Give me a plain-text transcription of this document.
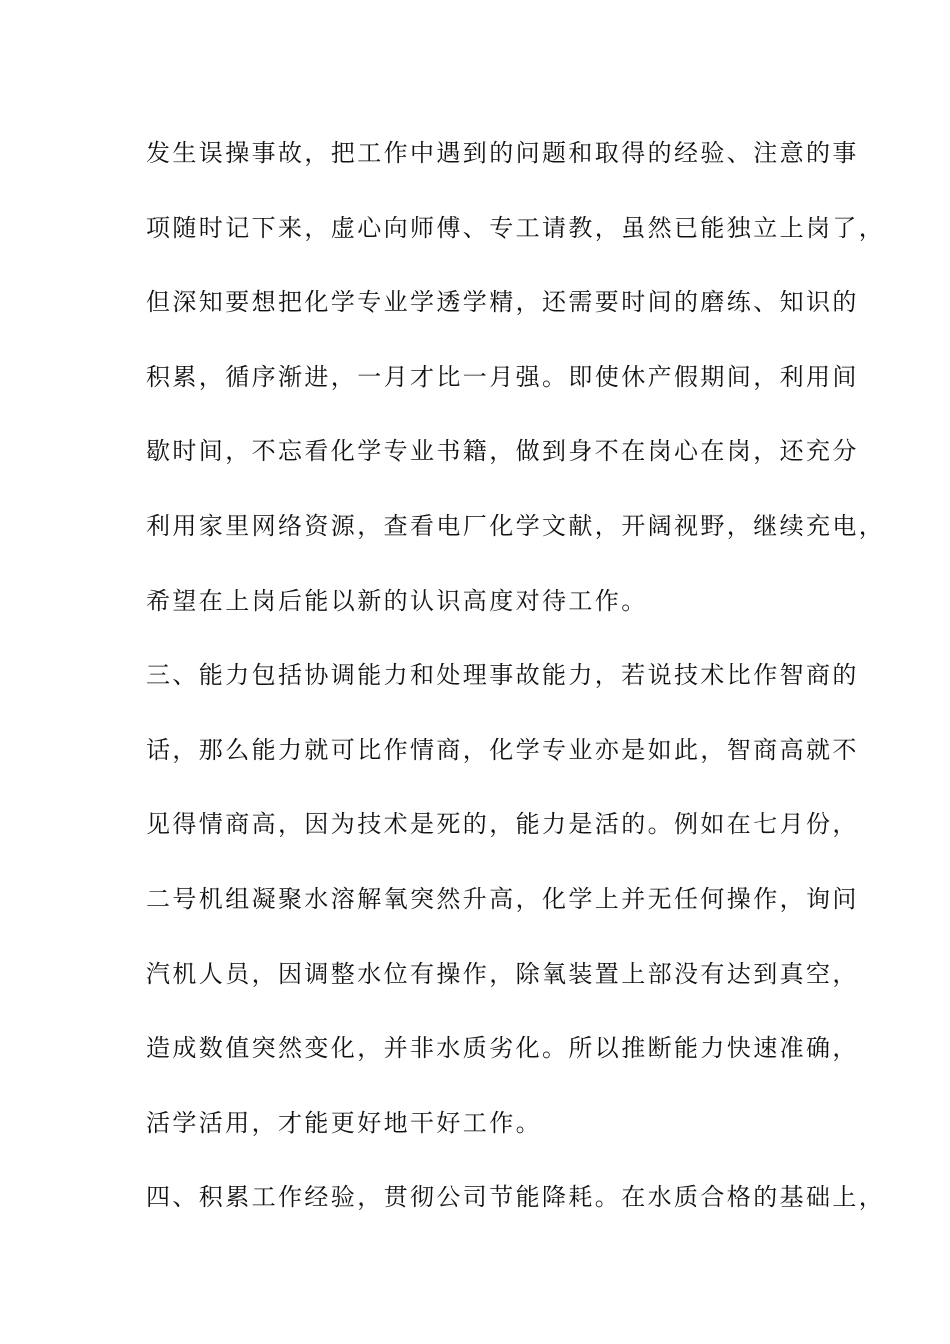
发生误操事故，把工作中遇到的问题和取得的经验、注意的事
项随时记下来，虚心向师傅、专工请教，虽然已能独立上岗了，
但深知要想把化学专业学透学精，还需要时间的磨练、知识的
积累，循序渐进，一月才比一月强。即使休产假期间，利用间
歇时间，不忘看化学专业书籍，做到身不在岗心在岗，还充分
利用家里网络资源，查看电厂化学文献，开阔视野，继续充电，
希望在上岗后能以新的认识高度对待工作。
三、能力包括协调能力和处理事故能力，若说技术比作智商的
话，那么能力就可比作情商，化学专业亦是如此，智商高就不
见得情商高，因为技术是死的，能力是活的。例如在七月份，
二号机组凝聚水溶解氧突然升高，化学上并无任何操作，询问
汽机人员，因调整水位有操作，除氧装置上部没有达到真空，
造成数值突然变化，并非水质劣化。所以推断能力快速准确，
活学活用，才能更好地干好工作。
四、积累工作经验，贯彻公司节能降耗。在水质合格的基础上，
